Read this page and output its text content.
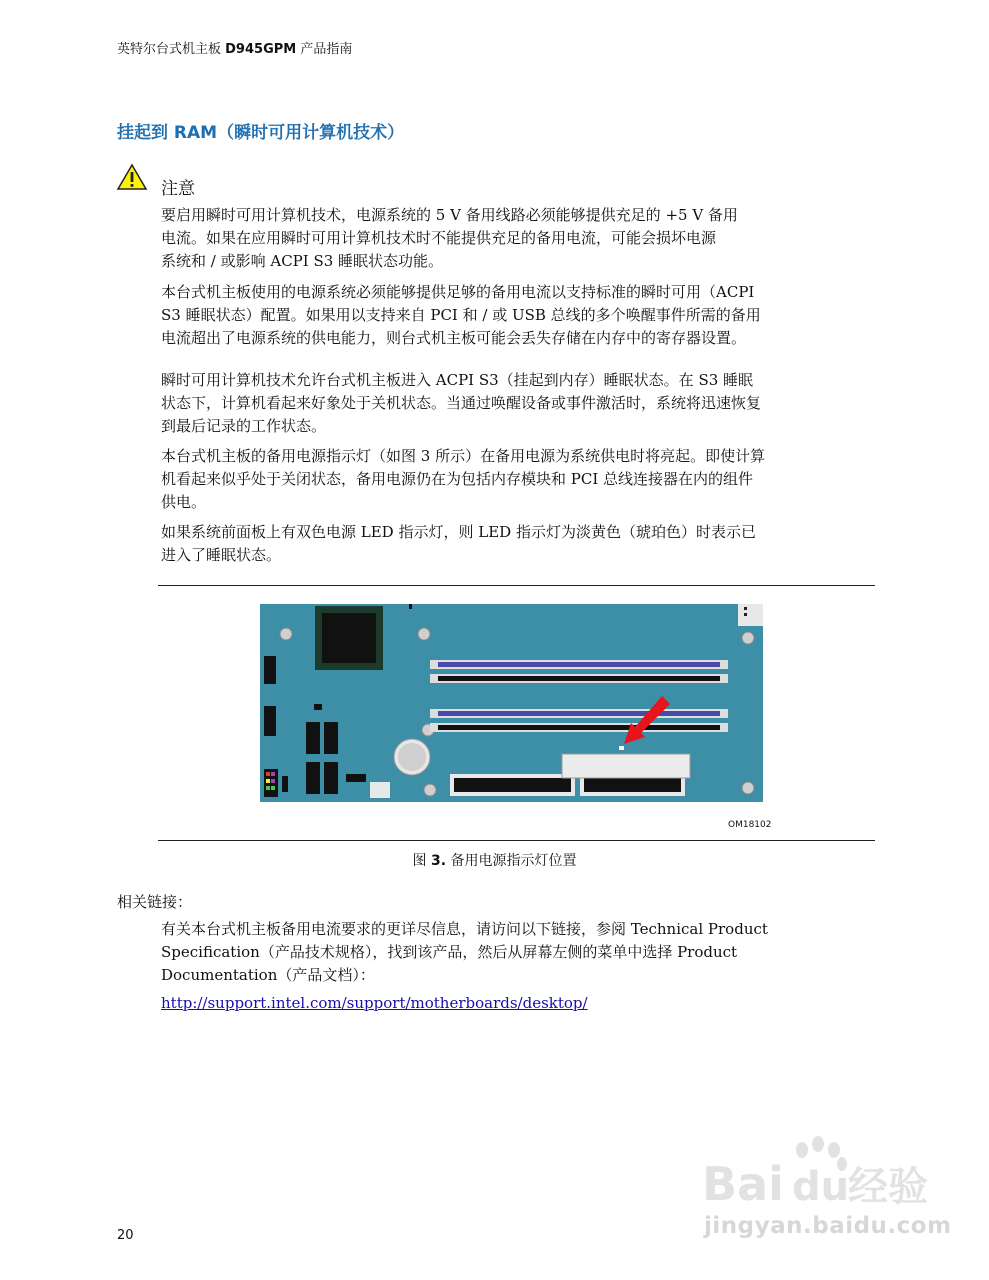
英特尔台式机主板 D945GPM 产品指南
挂起到 RAM（瞬时可用计算机技术）
注意
要启用瞬时可用计算机技术，电源系统的 5 V 备用线路必须能够提供充足的 +5 V 备用
电流。如果在应用瞬时可用计算机技术时不能提供充足的备用电流，可能会损坏电源
系统和 / 或影响 ACPI S3 睡眠状态功能。
本台式机主板使用的电源系统必须能够提供足够的备用电流以支持标准的瞬时可用（ACPI
S3 睡眠状态）配置。如果用以支持来自 PCI 和 / 或 USB 总线的多个唤醒事件所需的备用
电流超出了电源系统的供电能力，则台式机主板可能会丢失存储在内存中的寄存器设置。
瞬时可用计算机技术允许台式机主板进入 ACPI S3（挂起到内存）睡眠状态。在 S3 睡眠
状态下，计算机看起来好象处于关机状态。当通过唤醒设备或事件激活时，系统将迅速恢复
到最后记录的工作状态。
本台式机主板的备用电源指示灯（如图 3 所示）在备用电源为系统供电时将亮起。即使计算
机看起来似乎处于关闭状态，备用电源仍在为包括内存模块和 PCI 总线连接器在内的组件
供电。
如果系统前面板上有双色电源 LED 指示灯，则 LED 指示灯为淡黄色（琥珀色）时表示已
进入了睡眠状态。
OM18102
图 3. 备用电源指示灯位置
相关链接：
有关本台式机主板备用电流要求的更详尽信息，请访问以下链接，参阅 Technical Product
Specification（产品技术规格），找到该产品，然后从屏幕左侧的菜单中选择 Product
Documentation（产品文档）：
http://support.intel.com/support/motherboards/desktop/
20
Bai du
经验
jingyan.baidu.com
